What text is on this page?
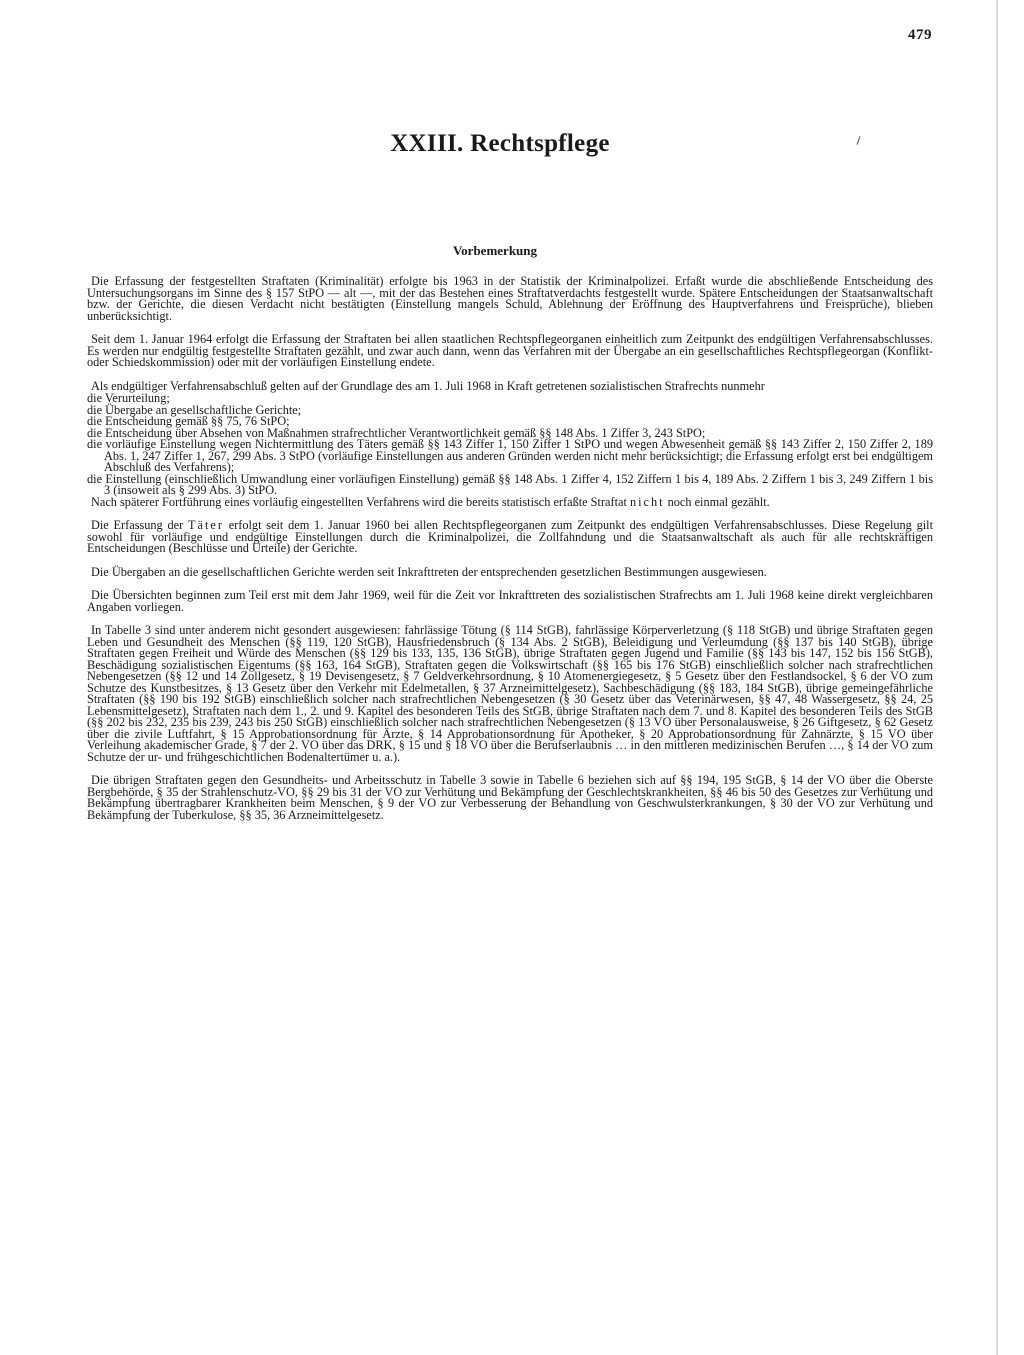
479
XXIII. Rechtspflege
Vorbemerkung

Die Erfassung der festgestellten Straftaten (Kriminalität) erfolgte bis 1963 in der Statistik der Kriminalpolizei. Erfaßt wurde die abschließende Entscheidung des Untersuchungsorgans im Sinne des § 157 StPO — alt —, mit der das Bestehen eines Straftatverdachts festgestellt wurde. Spätere Entscheidungen der Staatsanwaltschaft bzw. der Gerichte, die diesen Verdacht nicht bestätigten (Einstellung mangels Schuld, Ablehnung der Eröffnung des Hauptverfahrens und Freisprüche), blieben unberücksichtigt.

Seit dem 1. Januar 1964 erfolgt die Erfassung der Straftaten bei allen staatlichen Rechtspflegeorganen einheitlich zum Zeitpunkt des endgültigen Verfahrensabschlusses. Es werden nur endgültig festgestellte Straftaten gezählt, und zwar auch dann, wenn das Verfahren mit der Übergabe an ein gesellschaftliches Rechtspflegeorgan (Konflikt- oder Schiedskommission) oder mit der vorläufigen Einstellung endete.

Als endgültiger Verfahrensabschluß gelten auf der Grundlage des am 1. Juli 1968 in Kraft getretenen sozialistischen Strafrechts nunmehr

die Verurteilung;
die Übergabe an gesellschaftliche Gerichte;
die Entscheidung gemäß §§ 75, 76 StPO;
die Entscheidung über Absehen von Maßnahmen strafrechtlicher Verantwortlichkeit gemäß §§ 148 Abs. 1 Ziffer 3, 243 StPO;
die vorläufige Einstellung wegen Nichtermittlung des Täters gemäß §§ 143 Ziffer 1, 150 Ziffer 1 StPO und wegen Abwesenheit gemäß §§ 143 Ziffer 2, 150 Ziffer 2, 189 Abs. 1, 247 Ziffer 1, 267, 299 Abs. 3 StPO (vorläufige Einstellungen aus anderen Gründen werden nicht mehr berücksichtigt; die Erfassung erfolgt erst bei endgültigem Abschluß des Verfahrens);
die Einstellung (einschließlich Umwandlung einer vorläufigen Einstellung) gemäß §§ 148 Abs. 1 Ziffer 4, 152 Ziffern 1 bis 4, 189 Abs. 2 Ziffern 1 bis 3, 249 Ziffern 1 bis 3 (insoweit als § 299 Abs. 3) StPO.

Nach späterer Fortführung eines vorläufig eingestellten Verfahrens wird die bereits statistisch erfaßte Straftat nicht noch einmal gezählt.

Die Erfassung der Täter erfolgt seit dem 1. Januar 1960 bei allen Rechtspflegeorganen zum Zeitpunkt des endgültigen Verfahrensabschlusses. Diese Regelung gilt sowohl für vorläufige und endgültige Einstellungen durch die Kriminalpolizei, die Zollfahndung und die Staatsanwaltschaft als auch für alle rechtskräftigen Entscheidungen (Beschlüsse und Urteile) der Gerichte.

Die Übergaben an die gesellschaftlichen Gerichte werden seit Inkrafttreten der entsprechenden gesetzlichen Bestimmungen ausgewiesen.

Die Übersichten beginnen zum Teil erst mit dem Jahr 1969, weil für die Zeit vor Inkrafttreten des sozialistischen Strafrechts am 1. Juli 1968 keine direkt vergleichbaren Angaben vorliegen.

In Tabelle 3 sind unter anderem nicht gesondert ausgewiesen: fahrlässige Tötung (§ 114 StGB), fahrlässige Körperverletzung (§ 118 StGB) und übrige Straftaten gegen Leben und Gesundheit des Menschen (§§ 119, 120 StGB), Hausfriedensbruch (§ 134 Abs. 2 StGB), Beleidigung und Verleumdung (§§ 137 bis 140 StGB), übrige Straftaten gegen Freiheit und Würde des Menschen (§§ 129 bis 133, 135, 136 StGB), übrige Straftaten gegen Jugend und Familie (§§ 143 bis 147, 152 bis 156 StGB), Beschädigung sozialistischen Eigentums (§§ 163, 164 StGB), Straftaten gegen die Volkswirtschaft (§§ 165 bis 176 StGB) einschließlich solcher nach strafrechtlichen Nebengesetzen (§§ 12 und 14 Zollgesetz, § 19 Devisengesetz, § 7 Geldverkehrsordnung, § 10 Atomenergiegesetz, § 5 Gesetz über den Festlandsockel, § 6 der VO zum Schutze des Kunstbesitzes, § 13 Gesetz über den Verkehr mit Edelmetallen, § 37 Arzneimittelgesetz), Sachbeschädigung (§§ 183, 184 StGB), übrige gemeingefährliche Straftaten (§§ 190 bis 192 StGB) einschließlich solcher nach strafrechtlichen Nebengesetzen (§ 30 Gesetz über das Veterinärwesen, §§ 47, 48 Wassergesetz, §§ 24, 25 Lebensmittelgesetz), Straftaten nach dem 1., 2. und 9. Kapitel des besonderen Teils des StGB, übrige Straftaten nach dem 7. und 8. Kapitel des besonderen Teils des StGB (§§ 202 bis 232, 235 bis 239, 243 bis 250 StGB) einschließlich solcher nach strafrechtlichen Nebengesetzen (§ 13 VO über Personalausweise, § 26 Giftgesetz, § 62 Gesetz über die zivile Luftfahrt, § 15 Approbationsordnung für Ärzte, § 14 Approbationsordnung für Apotheker, § 20 Approbationsordnung für Zahnärzte, § 15 VO über Verleihung akademischer Grade, § 7 der 2. VO über das DRK, § 15 und § 18 VO über die Berufserlaubnis … in den mittleren medizinischen Berufen …, § 14 der VO zum Schutze der ur- und frühgeschichtlichen Bodenaltertümer u. a.).

Die übrigen Straftaten gegen den Gesundheits- und Arbeitsschutz in Tabelle 3 sowie in Tabelle 6 beziehen sich auf §§ 194, 195 StGB, § 14 der VO über die Oberste Bergbehörde, § 35 der Strahlenschutz-VO, §§ 29 bis 31 der VO zur Verhütung und Bekämpfung der Geschlechtskrankheiten, §§ 46 bis 50 des Gesetzes zur Verhütung und Bekämpfung übertragbarer Krankheiten beim Menschen, § 9 der VO zur Verbesserung der Behandlung von Geschwulsterkrankungen, § 30 der VO zur Verhütung und Bekämpfung der Tuberkulose, §§ 35, 36 Arzneimittelgesetz.
